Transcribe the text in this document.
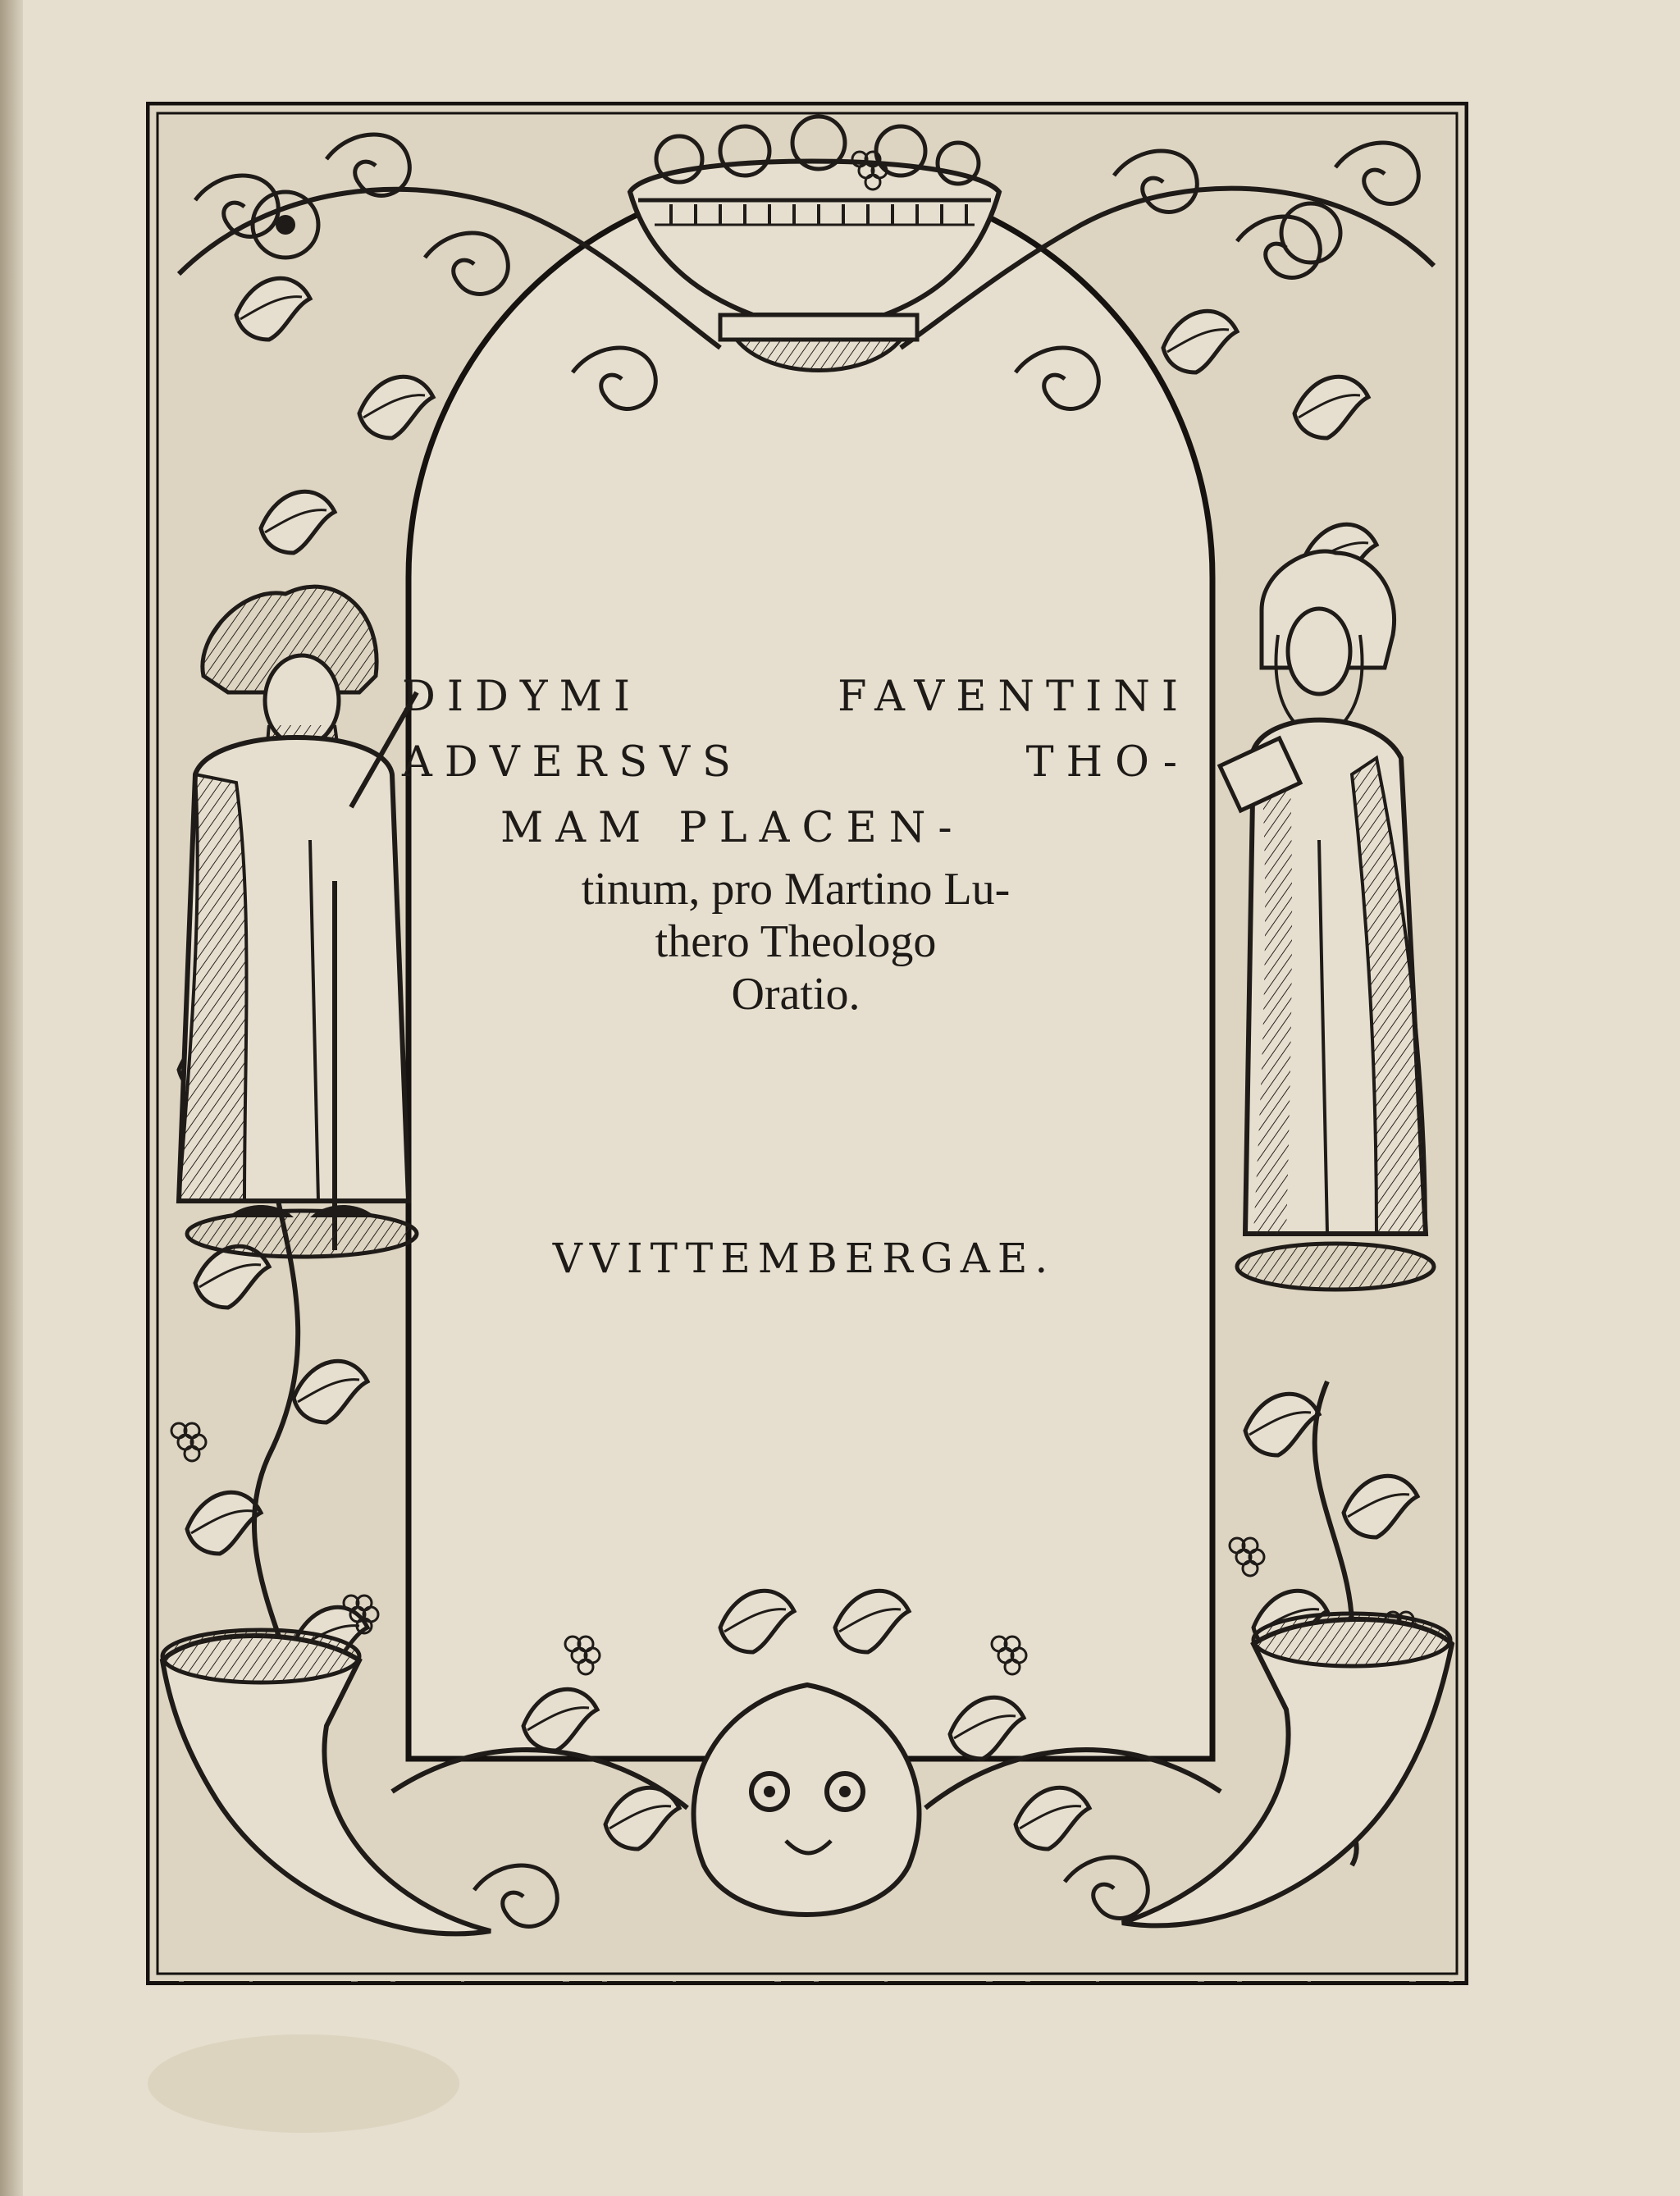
DIDYMI FAVENTINI

ADVERSVS THO-

MAM PLACEN-

tinum, pro Martino Lu-

thero Theologo

Oratio.

VVITTEMBERGAE.
